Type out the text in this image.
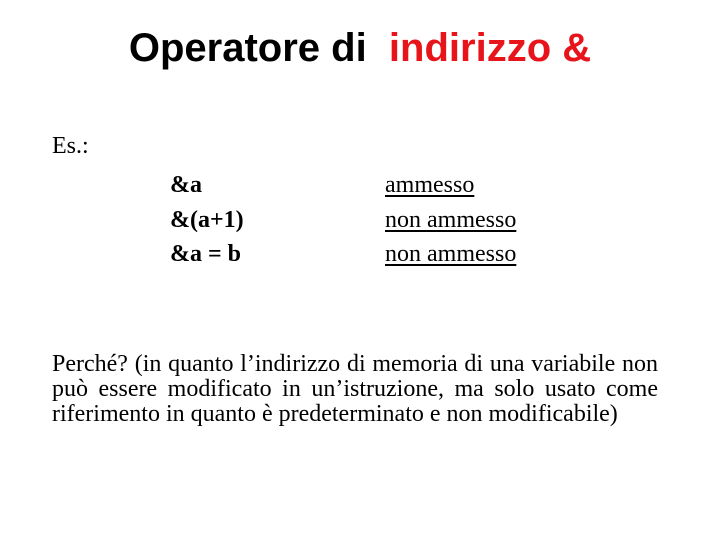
Operatore di  indirizzo &
Es.:
&a	ammesso
&(a+1)	non ammesso
&a = b	non ammesso
Perché? (in quanto l’indirizzo di memoria di una variabile non può essere modificato in un’istruzione, ma solo usato come riferimento in quanto è predeterminato e non modificabile)
